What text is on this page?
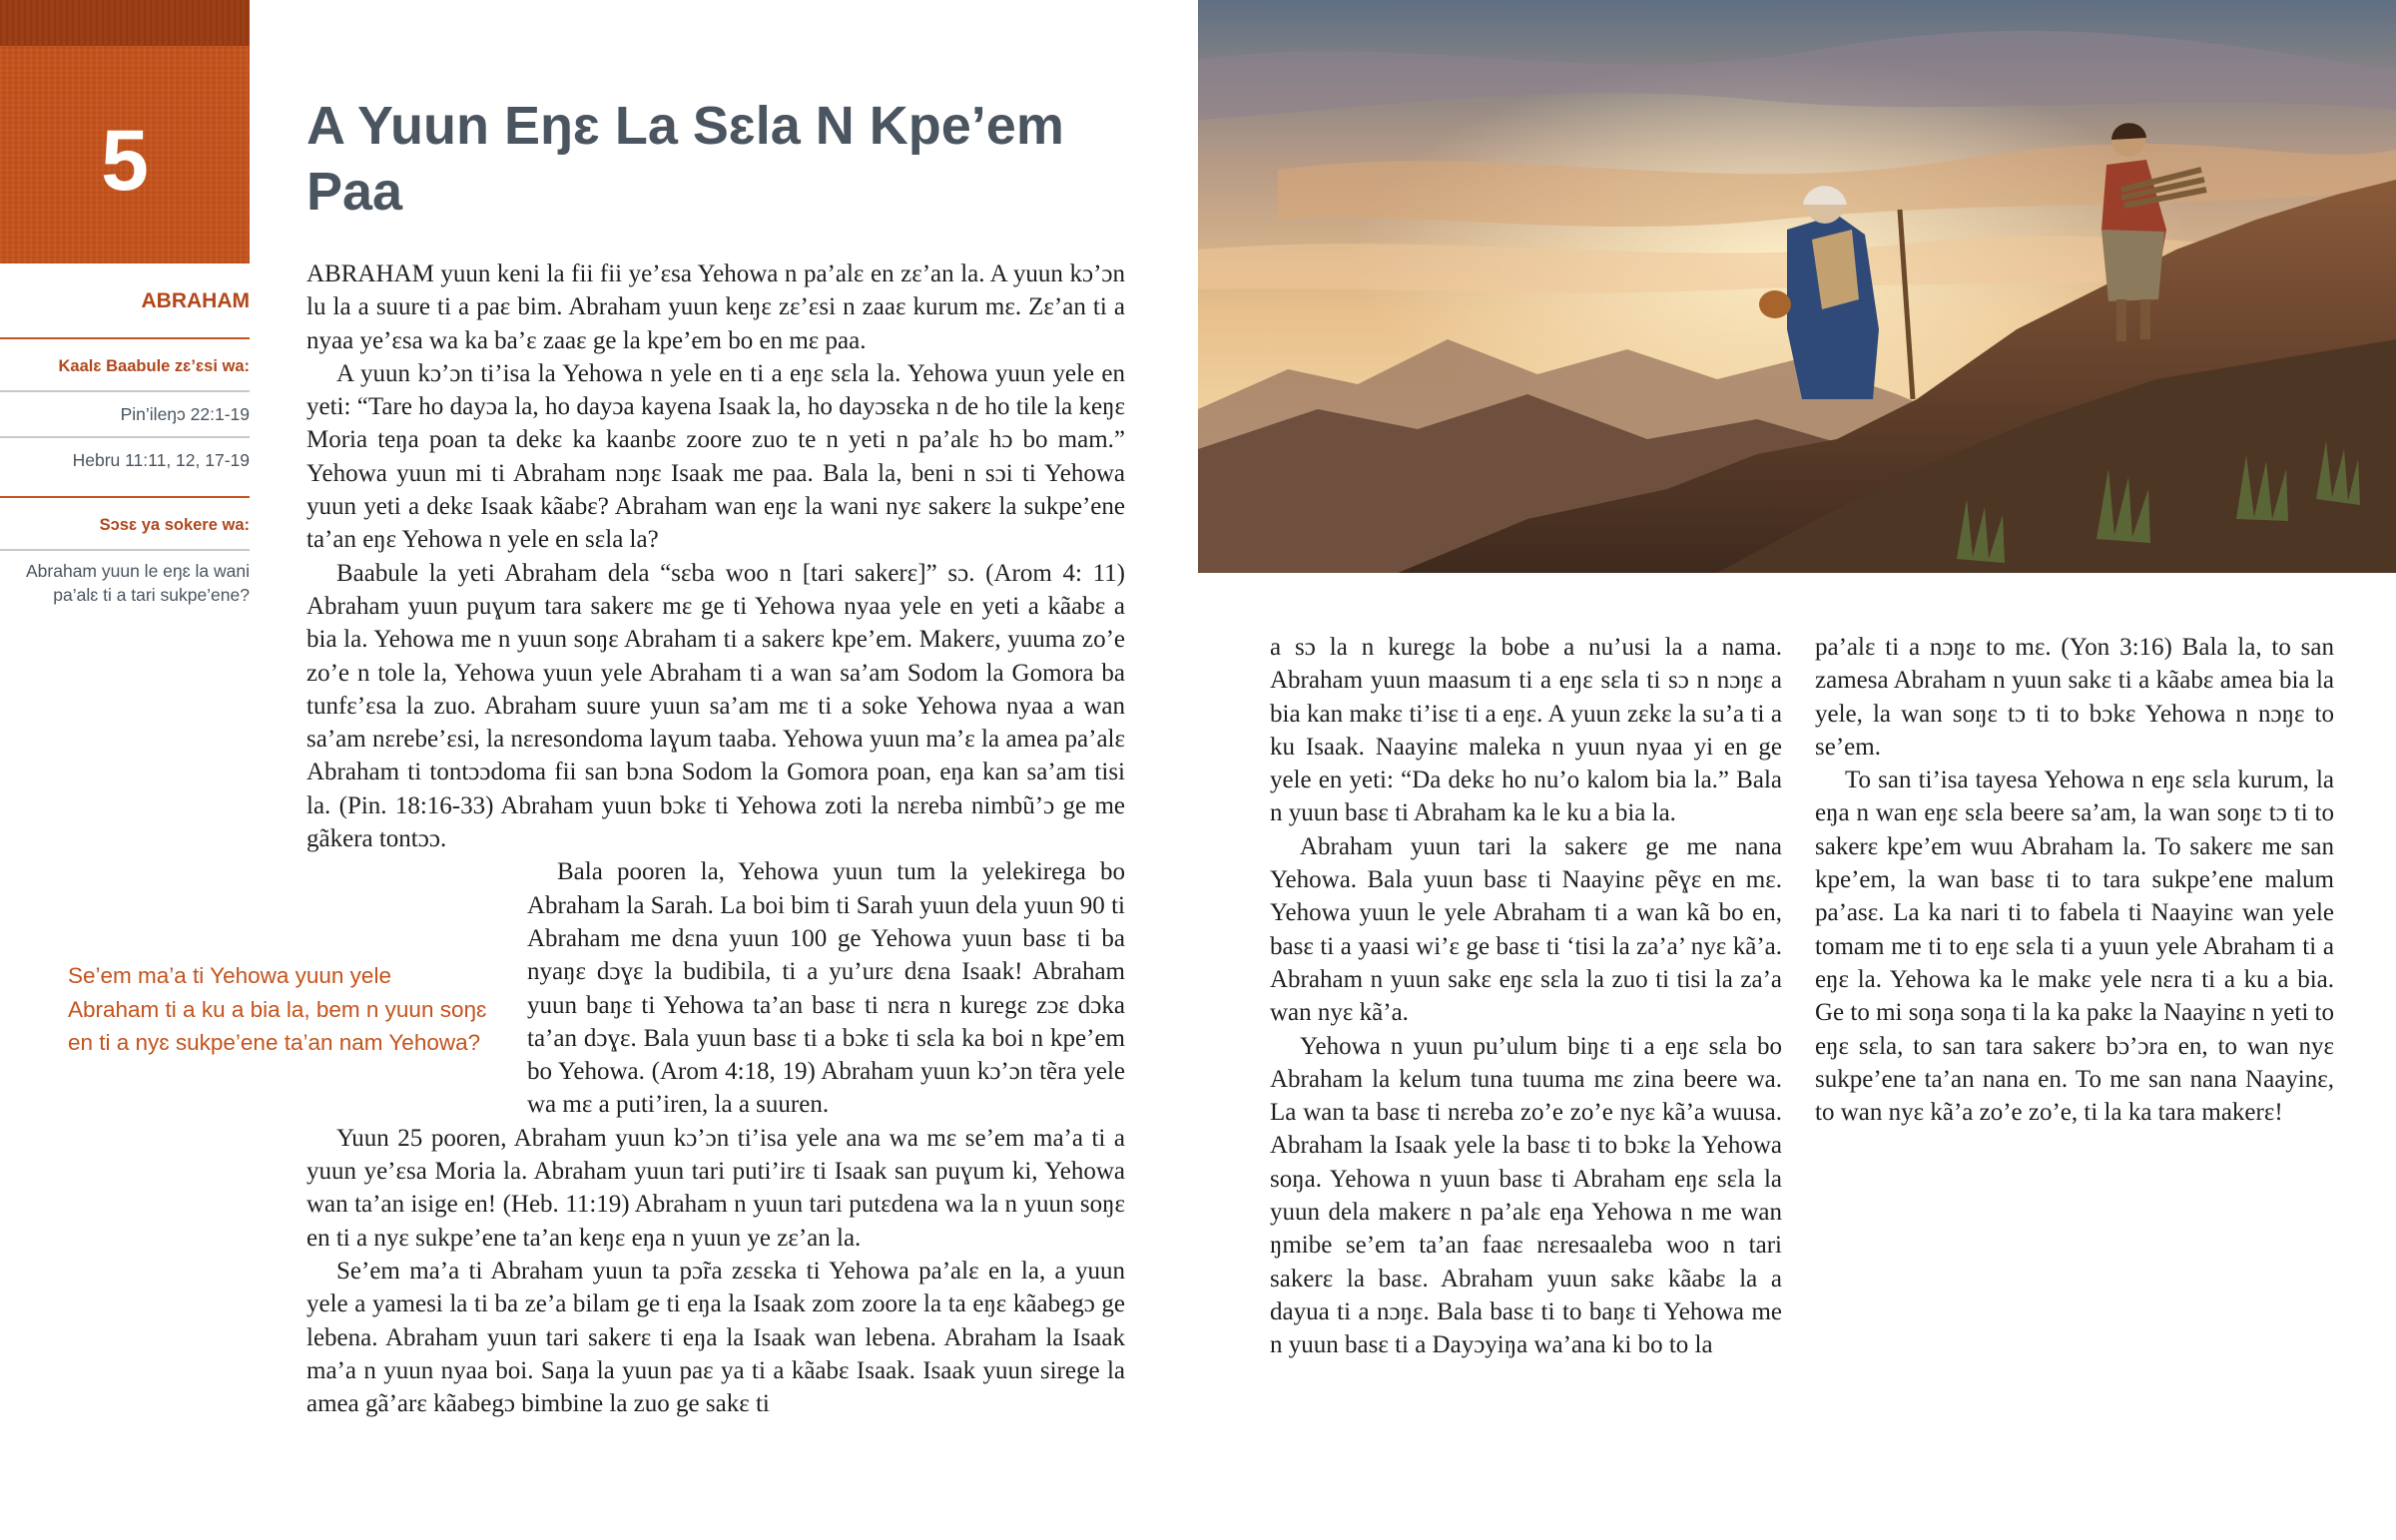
5
ABRAHAM
Kaalɛ Baabule zɛ’ɛsi wa:
Pin’ileŋɔ 22:1-19
Hebru 11:11, 12, 17-19
Sɔsɛ ya sokere wa:
Abraham yuun le eŋɛ la wani pa’alɛ ti a tari sukpe’ene?
A Yuun Eŋɛ La Sɛla N Kpe’em Paa

ABRAHAM yuun keni la fii fii ye’ɛsa Yehowa n pa’alɛ en zɛ’an la. A yuun kɔ’ɔn lu la a suure ti a paɛ bim. Abraham yuun keŋɛ zɛ’ɛsi n zaaɛ kurum mɛ. Zɛ’an ti a nyaa ye’ɛsa wa ka ba’ɛ zaaɛ ge la kpe’em bo en mɛ paa.

A yuun kɔ’ɔn ti’isa la Yehowa n yele en ti a eŋɛ sɛla la. Yehowa yuun yele en yeti: “Tare ho dayɔa la, ho dayɔa kayena Isaak la, ho dayɔsɛka n de ho tile la keŋɛ Moria teŋa poan ta dekɛ ka kaanbɛ zoore zuo te n yeti n pa’alɛ hɔ bo mam.” Yehowa yuun mi ti Abraham nɔŋɛ Isaak me paa. Bala la, beni n sɔi ti Yehowa yuun yeti a dekɛ Isaak kãabɛ? Abraham wan eŋɛ la wani nyɛ sakerɛ la sukpe’ene ta’an eŋɛ Yehowa n yele en sɛla la?

Baabule la yeti Abraham dela “sɛba woo n [tari sakerɛ]” sɔ. (Arom 4: 11) Abraham yuun puɣum tara sakerɛ mɛ ge ti Yehowa nyaa yele en yeti a kãabɛ a bia la. Yehowa me n yuun soŋɛ Abraham ti a sakerɛ kpe’em. Makerɛ, yuuma zo’e zo’e n tole la, Yehowa yuun yele Abraham ti a wan sa’am Sodom la Gomora ba tunfɛ’ɛsa la zuo. Abraham suure yuun sa’am mɛ ti a soke Yehowa nyaa a wan sa’am nɛrebe’ɛsi, la nɛresondoma laɣum taaba. Yehowa yuun ma’ɛ la amea pa’alɛ Abraham ti tontɔɔdoma fii san bɔna Sodom la Gomora poan, eŋa kan sa’am tisi la. (Pin. 18:16-33) Abraham yuun bɔkɛ ti Yehowa zoti la nɛreba nimbũ’ɔ ge me gãkera tontɔɔ.

Bala pooren la, Yehowa yuun tum la yelekirega bo Abraham la Sarah. La boi bim ti Sarah yuun dela yuun 90 ti Abraham me dɛna yuun 100 ge Yehowa yuun basɛ ti ba nyaŋɛ dɔɣɛ la budibila, ti a yu’urɛ dɛna Isaak! Abraham yuun baŋɛ ti Yehowa ta’an basɛ ti nɛra n kuregɛ zɔɛ dɔka ta’an dɔɣɛ. Bala yuun basɛ ti a bɔkɛ ti sɛla ka boi n kpe’em bo Yehowa. (Arom 4:18, 19) Abraham yuun kɔ’ɔn tẽra yele wa mɛ a puti’iren, la a suuren.

Yuun 25 pooren, Abraham yuun kɔ’ɔn ti’isa yele ana wa mɛ se’em ma’a ti a yuun ye’ɛsa Moria la. Abraham yuun tari puti’irɛ ti Isaak san puɣum ki, Yehowa wan ta’an isige en! (Heb. 11:19) Abraham n yuun tari putɛdena wa la n yuun soŋɛ en ti a nyɛ sukpe’ene ta’an keŋɛ eŋa n yuun ye zɛ’an la.

Se’em ma’a ti Abraham yuun ta pɔ̃ra zɛsɛka ti Yehowa pa’alɛ en la, a yuun yele a yamesi la ti ba ze’a bilam ge ti eŋa la Isaak zom zoore la ta eŋɛ kãabegɔ ge lebena. Abraham yuun tari sakerɛ ti eŋa la Isaak wan lebena. Abraham la Isaak ma’a n yuun nyaa boi. Saŋa la yuun paɛ ya ti a kãabɛ Isaak. Isaak yuun sirege la amea gã’arɛ kãabegɔ bimbine la zuo ge sakɛ ti

Se’em ma’a ti Yehowa yuun yele Abraham ti a ku a bia la, bem n yuun soŋɛ en ti a nyɛ sukpe’ene ta’an nam Yehowa?

a sɔ la n kuregɛ la bobe a nu’usi la a nama. Abraham yuun maasum ti a eŋɛ sɛla ti sɔ n nɔŋɛ a bia kan makɛ ti’isɛ ti a eŋɛ. A yuun zɛkɛ la su’a ti a ku Isaak. Naayinɛ maleka n yuun nyaa yi en ge yele en yeti: “Da dekɛ ho nu’o kalom bia la.” Bala n yuun basɛ ti Abraham ka le ku a bia la.

Abraham yuun tari la sakerɛ ge me nana Yehowa. Bala yuun basɛ ti Naayinɛ pẽɣɛ en mɛ. Yehowa yuun le yele Abraham ti a wan kã bo en, basɛ ti a yaasi wi’ɛ ge basɛ ti ‘tisi la za’a’ nyɛ kã’a. Abraham n yuun sakɛ eŋɛ sɛla la zuo ti tisi la za’a wan nyɛ kã’a.

Yehowa n yuun pu’ulum biŋɛ ti a eŋɛ sɛla bo Abraham la kelum tuna tuuma mɛ zina beere wa. La wan ta basɛ ti nɛreba zo’e zo’e nyɛ kã’a wuusa. Abraham la Isaak yele la basɛ ti to bɔkɛ la Yehowa soŋa. Yehowa n yuun basɛ ti Abraham eŋɛ sɛla la yuun dela makerɛ n pa’alɛ eŋa Yehowa n me wan ŋmibe se’em ta’an faaɛ nɛresaaleba woo n tari sakerɛ la basɛ. Abraham yuun sakɛ kãabɛ la a dayua ti a nɔŋɛ. Bala basɛ ti to baŋɛ ti Yehowa me n yuun basɛ ti a Dayɔyiŋa wa’ana ki bo to la

pa’alɛ ti a nɔŋɛ to mɛ. (Yon 3:16) Bala la, to san zamesa Abraham n yuun sakɛ ti a kãabɛ amea bia la yele, la wan soŋɛ tɔ ti to bɔkɛ Yehowa n nɔŋɛ to se’em.

To san ti’isa tayesa Yehowa n eŋɛ sɛla kurum, la eŋa n wan eŋɛ sɛla beere sa’am, la wan soŋɛ tɔ ti to sakerɛ kpe’em wuu Abraham la. To sakerɛ me san kpe’em, la wan basɛ ti to tara sukpe’ene malum pa’asɛ. La ka nari ti to fabela ti Naayinɛ wan yele tomam me ti to eŋɛ sɛla ti a yuun yele Abraham ti a eŋɛ la. Yehowa ka le makɛ yele nɛra ti a ku a bia. Ge to mi soŋa soŋa ti la ka pakɛ la Naayinɛ n yeti to eŋɛ sɛla, to san tara sakerɛ bɔ’ɔra en, to wan nyɛ sukpe’ene ta’an nana en. To me san nana Naayinɛ, to wan nyɛ kã’a zo’e zo’e, ti la ka tara makerɛ!
